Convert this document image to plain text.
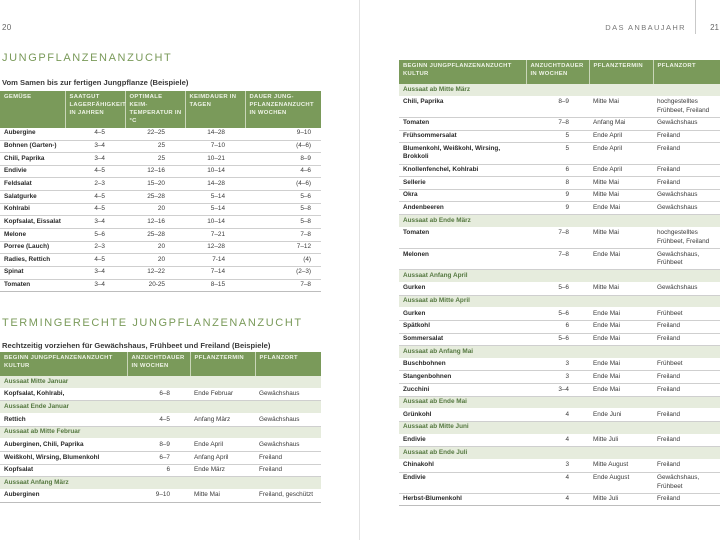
20
JUNGPFLANZENANZUCHT
Vom Samen bis zur fertigen Jungpflanze (Beispiele)
GEMÜSE	SAATGUT LAGERFÄHIGKEIT IN JAHREN	OPTIMALE KEIM-TEMPERATUR IN °C	KEIMDAUER IN TAGEN	DAUER JUNG-PFLANZENANZUCHT IN WOCHEN
Aubergine	4–5	22–25	14–28	9–10
Bohnen (Garten-)	3–4	25	7–10	(4–6)
Chili, Paprika	3–4	25	10–21	8–9
Endivie	4–5	12–16	10–14	4–6
Feldsalat	2–3	15–20	14–28	(4–6)
Salatgurke	4–5	25–28	5–14	5–6
Kohlrabi	4–5	20	5–14	5–8
Kopfsalat, Eissalat	3–4	12–16	10–14	5–8
Melone	5–6	25–28	7–21	7–8
Porree (Lauch)	2–3	20	12–28	7–12
Radies, Rettich	4–5	20	7-14	(4)
Spinat	3–4	12–22	7–14	(2–3)
Tomaten	3–4	20-25	8–15	7–8
TERMINGERECHTE JUNGPFLANZENANZUCHT
Rechtzeitig vorziehen für Gewächshaus, Frühbeet und Freiland (Beispiele)
BEGINN JUNGPFLANZENANZUCHT KULTUR	ANZUCHTDAUER IN WOCHEN	PFLANZTERMIN	PFLANZORT
Aussaat Mitte Januar			
Kopfsalat, Kohlrabi,	6–8	Ende Februar	Gewächshaus
Aussaat Ende Januar			
Rettich	4–5	Anfang März	Gewächshaus
Aussaat ab Mitte Februar			
Auberginen, Chili, Paprika	8–9	Ende April	Gewächshaus
Weißkohl, Wirsing, Blumenkohl	6–7	Anfang April	Freiland
Kopfsalat	6	Ende März	Freiland
Aussaat Anfang März			
Auberginen	9–10	Mitte Mai	Freiland, geschützt
DAS ANBAUJAHR	21
BEGINN JUNGPFLANZENANZUCHT KULTUR	ANZUCHTDAUER IN WOCHEN	PFLANZTERMIN	PFLANZORT
Aussaat ab Mitte März			
Chili, Paprika	8–9	Mitte Mai	hochgestelltes Frühbeet, Freiland
Tomaten	7–8	Anfang Mai	Gewächshaus
Frühsommersalat	5	Ende April	Freiland
Blumenkohl, Weißkohl, Wirsing, Brokkoli	5	Ende April	Freiland
Knollenfenchel, Kohlrabi	6	Ende April	Freiland
Sellerie	8	Mitte Mai	Freiland
Okra	9	Mitte Mai	Gewächshaus
Andenbeeren	9	Ende Mai	Gewächshaus
Aussaat ab Ende März			
Tomaten	7–8	Mitte Mai	hochgestelltes Frühbeet, Freiland
Melonen	7–8	Ende Mai	Gewächshaus, Frühbeet
Aussaat Anfang April			
Gurken	5–6	Mitte Mai	Gewächshaus
Aussaat ab Mitte April			
Gurken	5–6	Ende Mai	Frühbeet
Spätkohl	6	Ende Mai	Freiland
Sommersalat	5–6	Ende Mai	Freiland
Aussaat ab Anfang Mai			
Buschbohnen	3	Ende Mai	Frühbeet
Stangenbohnen	3	Ende Mai	Freiland
Zucchini	3–4	Ende Mai	Freiland
Aussaat ab Ende Mai			
Grünkohl	4	Ende Juni	Freiland
Aussaat ab Mitte Juni			
Endivie	4	Mitte Juli	Freiland
Aussaat ab Ende Juli			
Chinakohl	3	Mitte August	Freiland
Endivie	4	Ende August	Gewächshaus, Frühbeet
Herbst-Blumenkohl	4	Mitte Juli	Freiland
